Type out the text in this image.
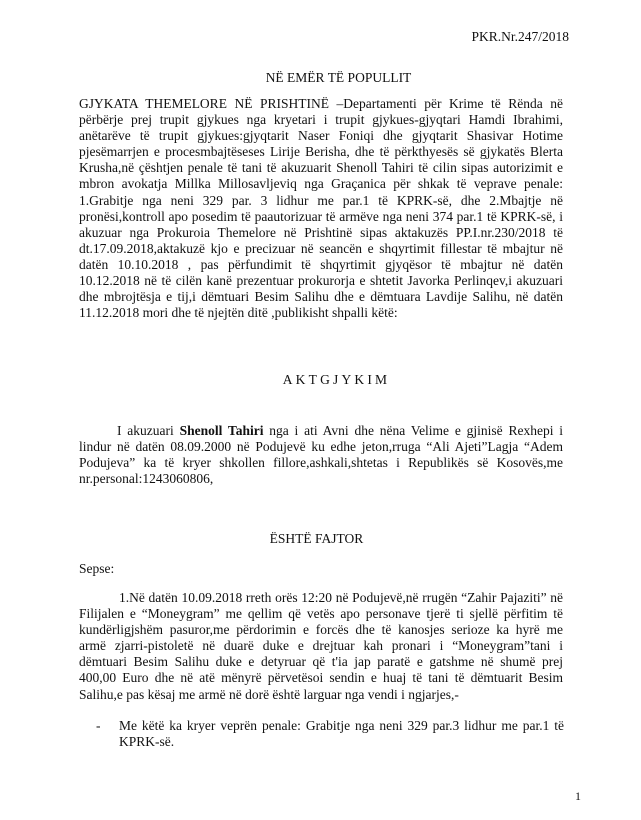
PKR.Nr.247/2018
NË EMËR TË POPULLIT
GJYKATA THEMELORE NË PRISHTINË –Departamenti për Krime të Rënda në
përbërje prej trupit gjykues nga kryetari i trupit gjykues-gjyqtari Hamdi Ibrahimi,
anëtarëve të trupit gjykues:gjyqtarit Naser Foniqi dhe gjyqtarit Shasivar Hotime
pjesëmarrjen e procesmbajtëseses Lirije Berisha, dhe të përkthyesës së gjykatës Blerta
Krusha,në çështjen penale të tani të akuzuarit Shenoll Tahiri të cilin sipas autorizimit e
mbron avokatja Millka Millosavljeviq nga Graçanica për shkak të veprave penale:
1.Grabitje nga neni 329 par. 3 lidhur me par.1 të KPRK-së, dhe 2.Mbajtje në
pronësi,kontroll apo posedim të paautorizuar të armëve nga neni 374 par.1 të KPRK-së, i
akuzuar nga Prokuroia Themelore në Prishtinë sipas aktakuzës PP.I.nr.230/2018 të
dt.17.09.2018,aktakuzë kjo e precizuar në seancën e shqyrtimit fillestar të mbajtur në
datën 10.10.2018 , pas përfundimit të shqyrtimit gjyqësor të mbajtur në datën
10.12.2018 në të cilën kanë prezentuar prokurorja e shtetit Javorka Perlinqev,i akuzuari
dhe mbrojtësja e tij,i dëmtuari Besim Salihu dhe e dëmtuara Lavdije Salihu, në datën
11.12.2018 mori dhe të njejtën ditë ,publikisht shpalli këtë:
AKTGJYKIM
I akuzuari Shenoll Tahiri nga i ati Avni dhe nëna Velime e gjinisë Rexhepi i
lindur në datën 08.09.2000 në Podujevë ku edhe jeton,rruga “Ali Ajeti”Lagja “Adem
Podujeva” ka të kryer shkollen fillore,ashkali,shtetas i Republikës së Kosovës,me
nr.personal:1243060806,
ËSHTË FAJTOR
Sepse:
1.Në datën 10.09.2018 rreth orës 12:20 në Podujevë,në rrugën “Zahir Pajaziti” në
Filijalen e “Moneygram” me qellim që vetës apo personave tjerë ti sjellë përfitim të
kundërligjshëm pasuror,me përdorimin e forcës dhe të kanosjes serioze ka hyrë me
armë zjarri-pistoletë në duarë duke e drejtuar kah pronari i “Moneygram”tani i
dëmtuari Besim Salihu duke e detyruar që t'ia jap paratë e gatshme në shumë prej
400,00 Euro dhe në atë mënyrë përvetësoi sendin e huaj të tani të dëmtuarit Besim
Salihu,e pas kësaj me armë në dorë është larguar nga vendi i ngjarjes,-
- Me këtë ka kryer veprën penale: Grabitje nga neni 329 par.3 lidhur me par.1 të
KPRK-së.
1
